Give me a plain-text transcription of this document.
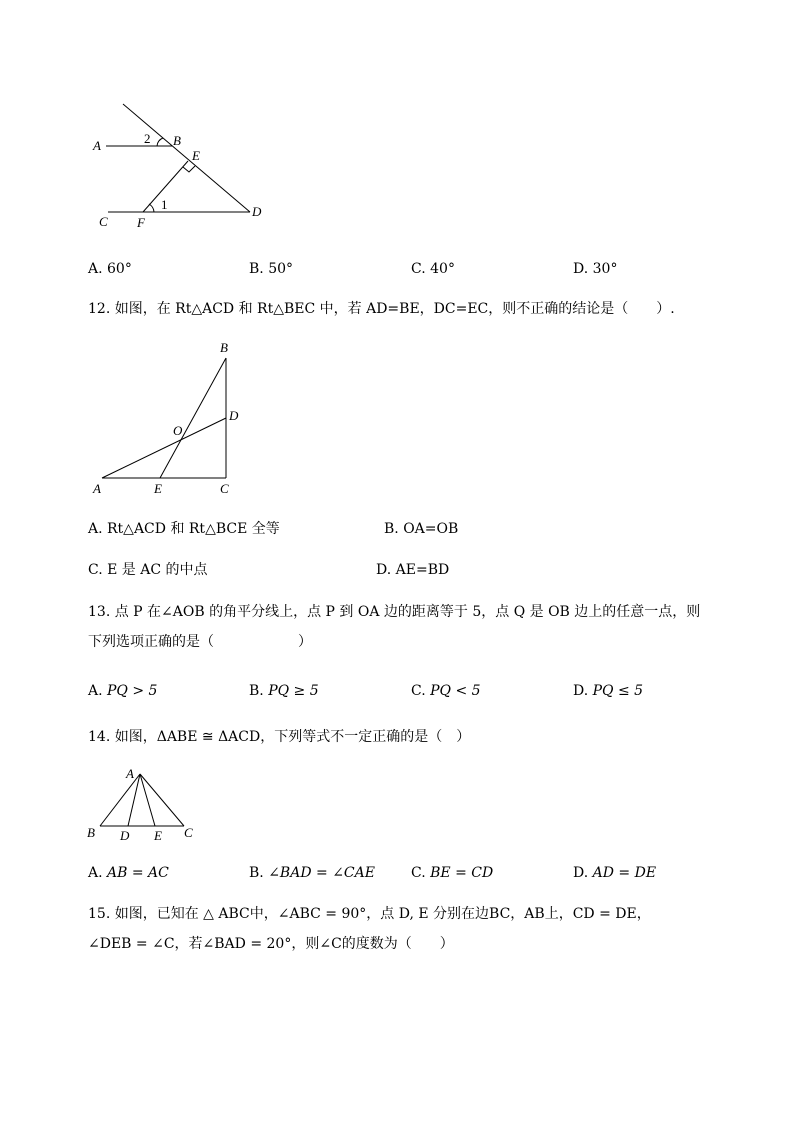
A	B
E
C F
D
2
1
A. 60°	B. 50°	C. 40°	D. 30°
12. 如图，在 Rt△ACD 和 Rt△BEC 中，若 AD=BE，DC=EC，则不正确的结论是（　　）.
B
D
O
A	E	C
A. Rt△ACD 和 Rt△BCE 全等	B. OA=OB
C. E 是 AC 的中点	D. AE=BD
13. 点 P 在∠AOB 的角平分线上，点 P 到 OA 边的距离等于 5，点 Q 是 OB 边上的任意一点，则
下列选项正确的是（　　　　　　）
A. PQ > 5	B. PQ ≥ 5	C. PQ < 5	D. PQ ≤ 5
14. 如图，ΔABE ≅ ΔACD，下列等式不一定正确的是（　）
A
B D E C
A. AB = AC	B. ∠BAD = ∠CAE	C. BE = CD	D. AD = DE
15. 如图，已知在 △ ABC中，∠ABC = 90°，点 D, E 分别在边BC，AB上，CD = DE，
∠DEB = ∠C，若∠BAD = 20°，则∠C的度数为（　　）
